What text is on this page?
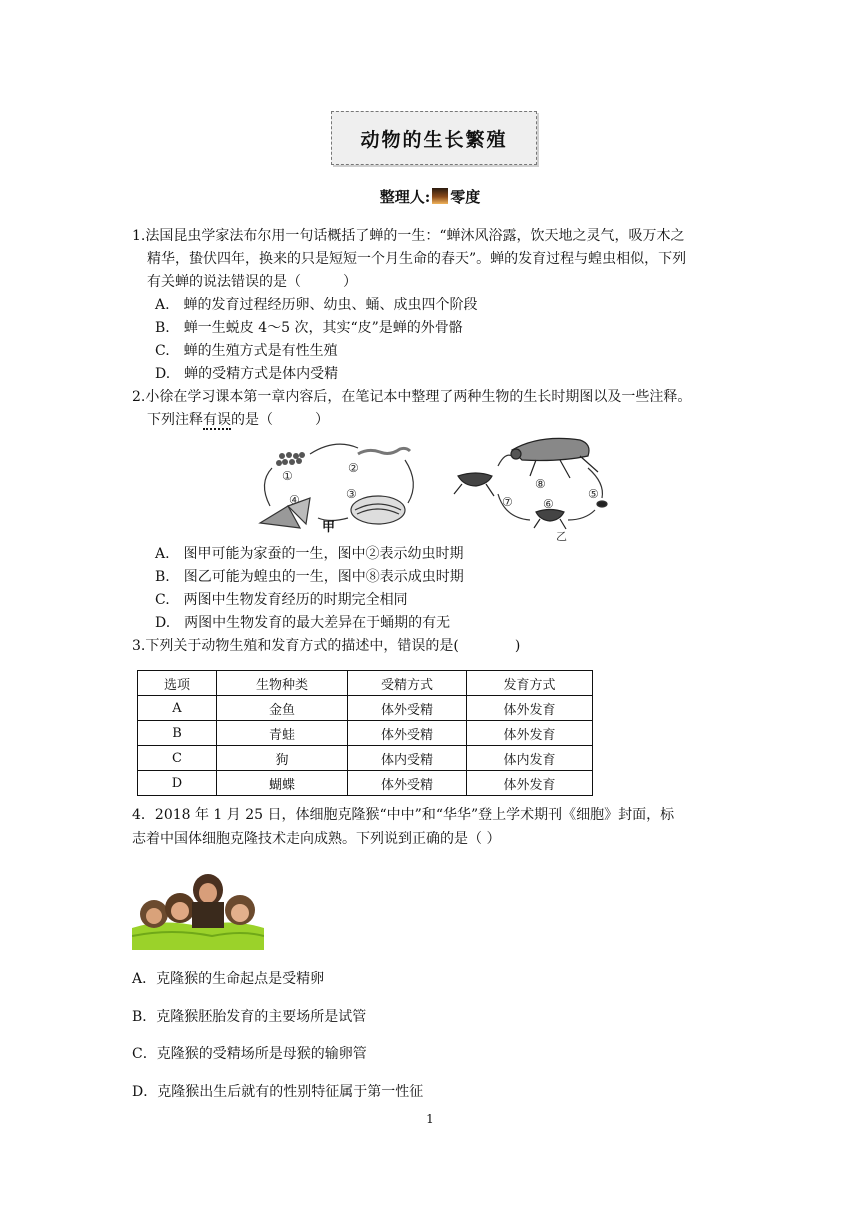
动物的生长繁殖
整理人: 零度
1.法国昆虫学家法布尔用一句话概括了蝉的一生：“蝉沐风浴露，饮天地之灵气，吸万木之
精华，蛰伏四年，换来的只是短短一个月生命的春天”。蝉的发育过程与蝗虫相似，下列
有关蝉的说法错误的是（　　　）
A.　蝉的发育过程经历卵、幼虫、蛹、成虫四个阶段
B.　蝉一生蜕皮 4～5 次，其实“皮”是蝉的外骨骼
C.　蝉的生殖方式是有性生殖
D.　蝉的受精方式是体内受精
2.小徐在学习课本第一章内容后，在笔记本中整理了两种生物的生长时期图以及一些注释。
下列注释有误的是（　　　）
①
②
③
④
甲
⑧
⑤
⑥
⑦
乙
A.　图甲可能为家蚕的一生，图中②表示幼虫时期
B.　图乙可能为蝗虫的一生，图中⑧表示成虫时期
C.　两图中生物发育经历的时期完全相同
D.　两图中生物发育的最大差异在于蛹期的有无
3.下列关于动物生殖和发育方式的描述中，错误的是(　　　　)
选项	生物种类	受精方式	发育方式
A	金鱼	体外受精	体外发育
B	青蛙	体外受精	体外发育
C	狗	体内受精	体内发育
D	蝴蝶	体外受精	体外发育
4．2018 年 1 月 25 日，体细胞克隆猴“中中”和“华华”登上学术期刊《细胞》封面，标
志着中国体细胞克隆技术走向成熟。下列说到正确的是（ ）
A．克隆猴的生命起点是受精卵
B．克隆猴胚胎发育的主要场所是试管
C．克隆猴的受精场所是母猴的输卵管
D．克隆猴出生后就有的性别特征属于第一性征
1
